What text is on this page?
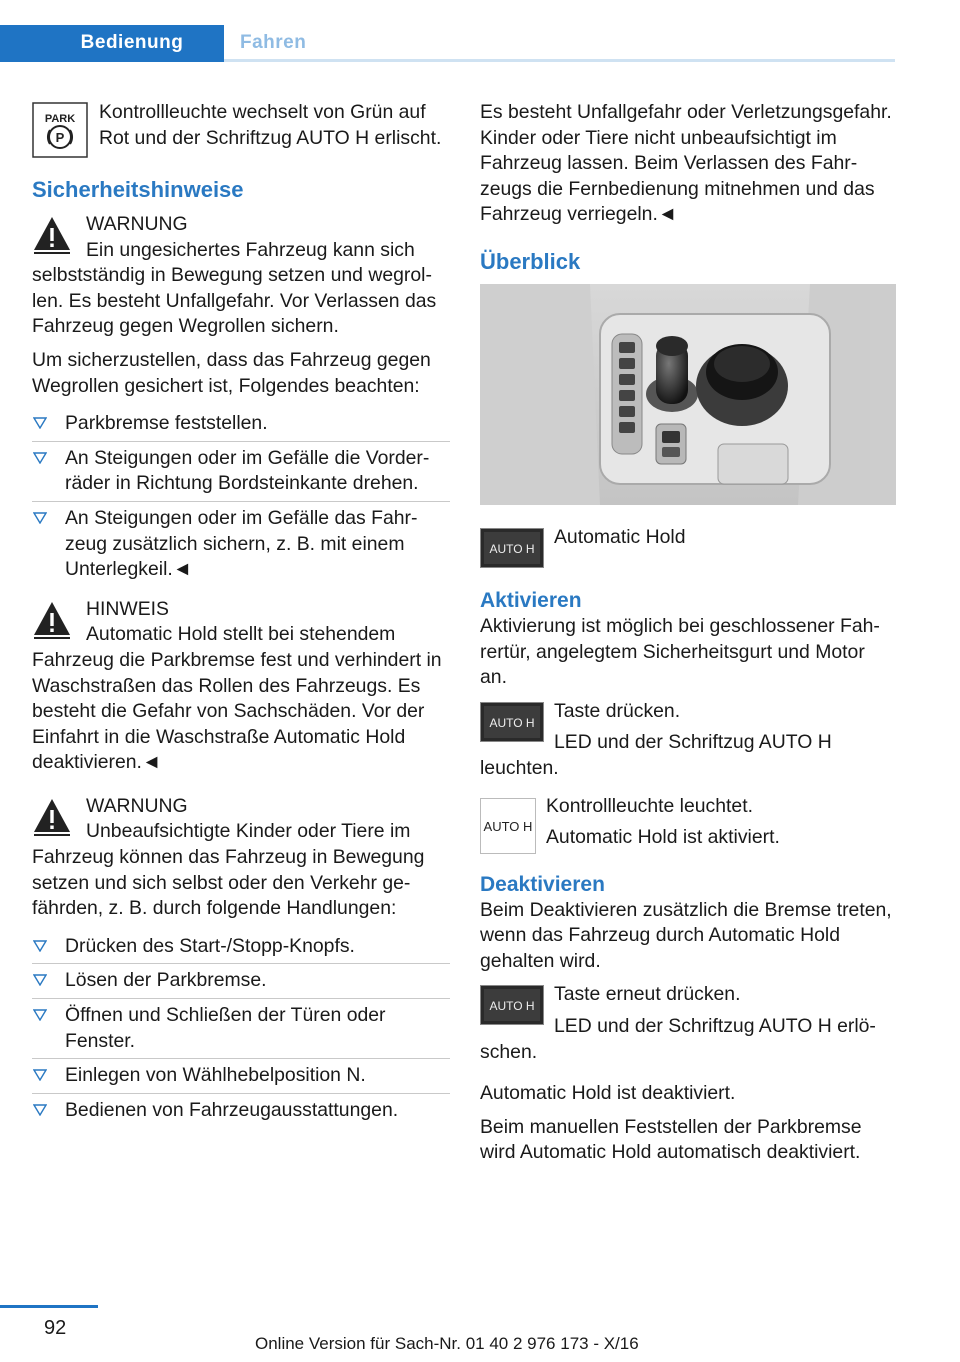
Bedienung	Fahren
PARK
P
Kontrollleuchte wechselt von Grün auf Rot und der Schriftzug AUTO H erlischt.
Sicherheitshinweise
WARNUNG
Ein ungesichertes Fahrzeug kann sich selbstständig in Bewegung setzen und wegrollen. Es besteht Unfallgefahr. Vor Verlassen das Fahrzeug gegen Wegrollen sichern.
Um sicherzustellen, dass das Fahrzeug gegen Wegrollen gesichert ist, Folgendes beachten:
Parkbremse feststellen.
An Steigungen oder im Gefälle die Vorderräder in Richtung Bordsteinkante drehen.
An Steigungen oder im Gefälle das Fahrzeug zusätzlich sichern, z. B. mit einem Unterlegkeil.◄
HINWEIS
Automatic Hold stellt bei stehendem Fahrzeug die Parkbremse fest und verhindert in Waschstraßen das Rollen des Fahrzeugs. Es besteht die Gefahr von Sachschäden. Vor der Einfahrt in die Waschstraße Automatic Hold deaktivieren.◄
WARNUNG
Unbeaufsichtigte Kinder oder Tiere im Fahrzeug können das Fahrzeug in Bewegung setzen und sich selbst oder den Verkehr gefährden, z. B. durch folgende Handlungen:
Drücken des Start-/Stopp-Knopfs.
Lösen der Parkbremse.
Öffnen und Schließen der Türen oder Fenster.
Einlegen von Wählhebelposition N.
Bedienen von Fahrzeugausstattungen.
Es besteht Unfallgefahr oder Verletzungsgefahr. Kinder oder Tiere nicht unbeaufsichtigt im Fahrzeug lassen. Beim Verlassen des Fahrzeugs die Fernbedienung mitnehmen und das Fahrzeug verriegeln.◄
Überblick
AUTO H
Automatic Hold
Aktivieren
Aktivierung ist möglich bei geschlossener Fahrertür, angelegtem Sicherheitsgurt und Motor an.
AUTO H
Taste drücken.
LED und der Schriftzug AUTO H leuchten.
AUTO H
Kontrollleuchte leuchtet.
Automatic Hold ist aktiviert.
Deaktivieren
Beim Deaktivieren zusätzlich die Bremse treten, wenn das Fahrzeug durch Automatic Hold gehalten wird.
AUTO H
Taste erneut drücken.
LED und der Schriftzug AUTO H erlöschen.
Automatic Hold ist deaktiviert.
Beim manuellen Feststellen der Parkbremse wird Automatic Hold automatisch deaktiviert.
92
Online Version für Sach-Nr. 01 40 2 976 173 - X/16
